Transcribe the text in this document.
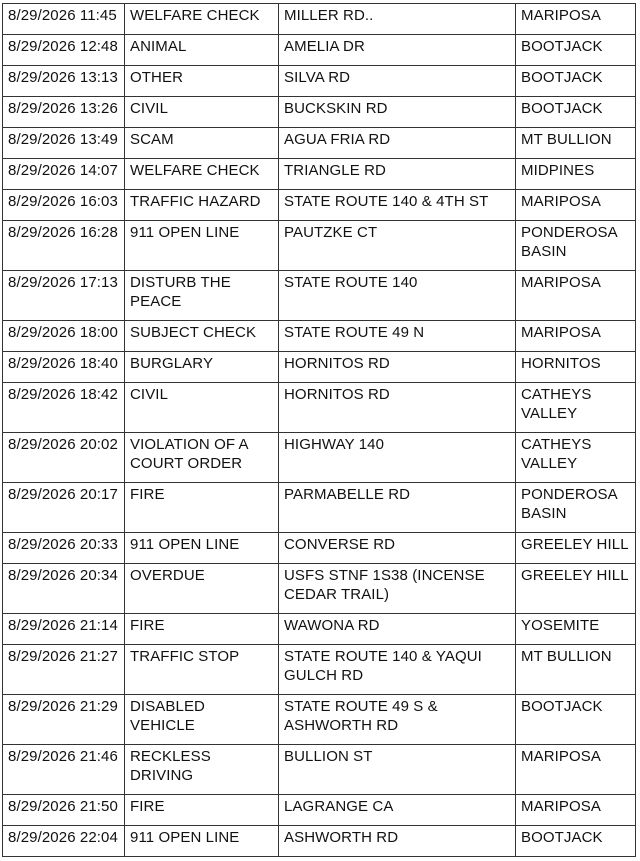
8/29/2026 11:45	WELFARE CHECK	MILLER RD..	MARIPOSA
8/29/2026 12:48	ANIMAL	AMELIA DR	BOOTJACK
8/29/2026 13:13	OTHER	SILVA RD	BOOTJACK
8/29/2026 13:26	CIVIL	BUCKSKIN RD	BOOTJACK
8/29/2026 13:49	SCAM	AGUA FRIA RD	MT BULLION
8/29/2026 14:07	WELFARE CHECK	TRIANGLE RD	MIDPINES
8/29/2026 16:03	TRAFFIC HAZARD	STATE ROUTE 140 & 4TH ST	MARIPOSA
8/29/2026 16:28	911 OPEN LINE	PAUTZKE CT	PONDEROSA BASIN
8/29/2026 17:13	DISTURB THE PEACE	STATE ROUTE 140	MARIPOSA
8/29/2026 18:00	SUBJECT CHECK	STATE ROUTE 49 N	MARIPOSA
8/29/2026 18:40	BURGLARY	HORNITOS RD	HORNITOS
8/29/2026 18:42	CIVIL	HORNITOS RD	CATHEYS VALLEY
8/29/2026 20:02	VIOLATION OF A COURT ORDER	HIGHWAY 140	CATHEYS VALLEY
8/29/2026 20:17	FIRE	PARMABELLE RD	PONDEROSA BASIN
8/29/2026 20:33	911 OPEN LINE	CONVERSE RD	GREELEY HILL
8/29/2026 20:34	OVERDUE	USFS STNF 1S38 (INCENSE CEDAR TRAIL)	GREELEY HILL
8/29/2026 21:14	FIRE	WAWONA RD	YOSEMITE
8/29/2026 21:27	TRAFFIC STOP	STATE ROUTE 140 & YAQUI GULCH RD	MT BULLION
8/29/2026 21:29	DISABLED VEHICLE	STATE ROUTE 49 S & ASHWORTH RD	BOOTJACK
8/29/2026 21:46	RECKLESS DRIVING	BULLION ST	MARIPOSA
8/29/2026 21:50	FIRE	LAGRANGE CA	MARIPOSA
8/29/2026 22:04	911 OPEN LINE	ASHWORTH RD	BOOTJACK
